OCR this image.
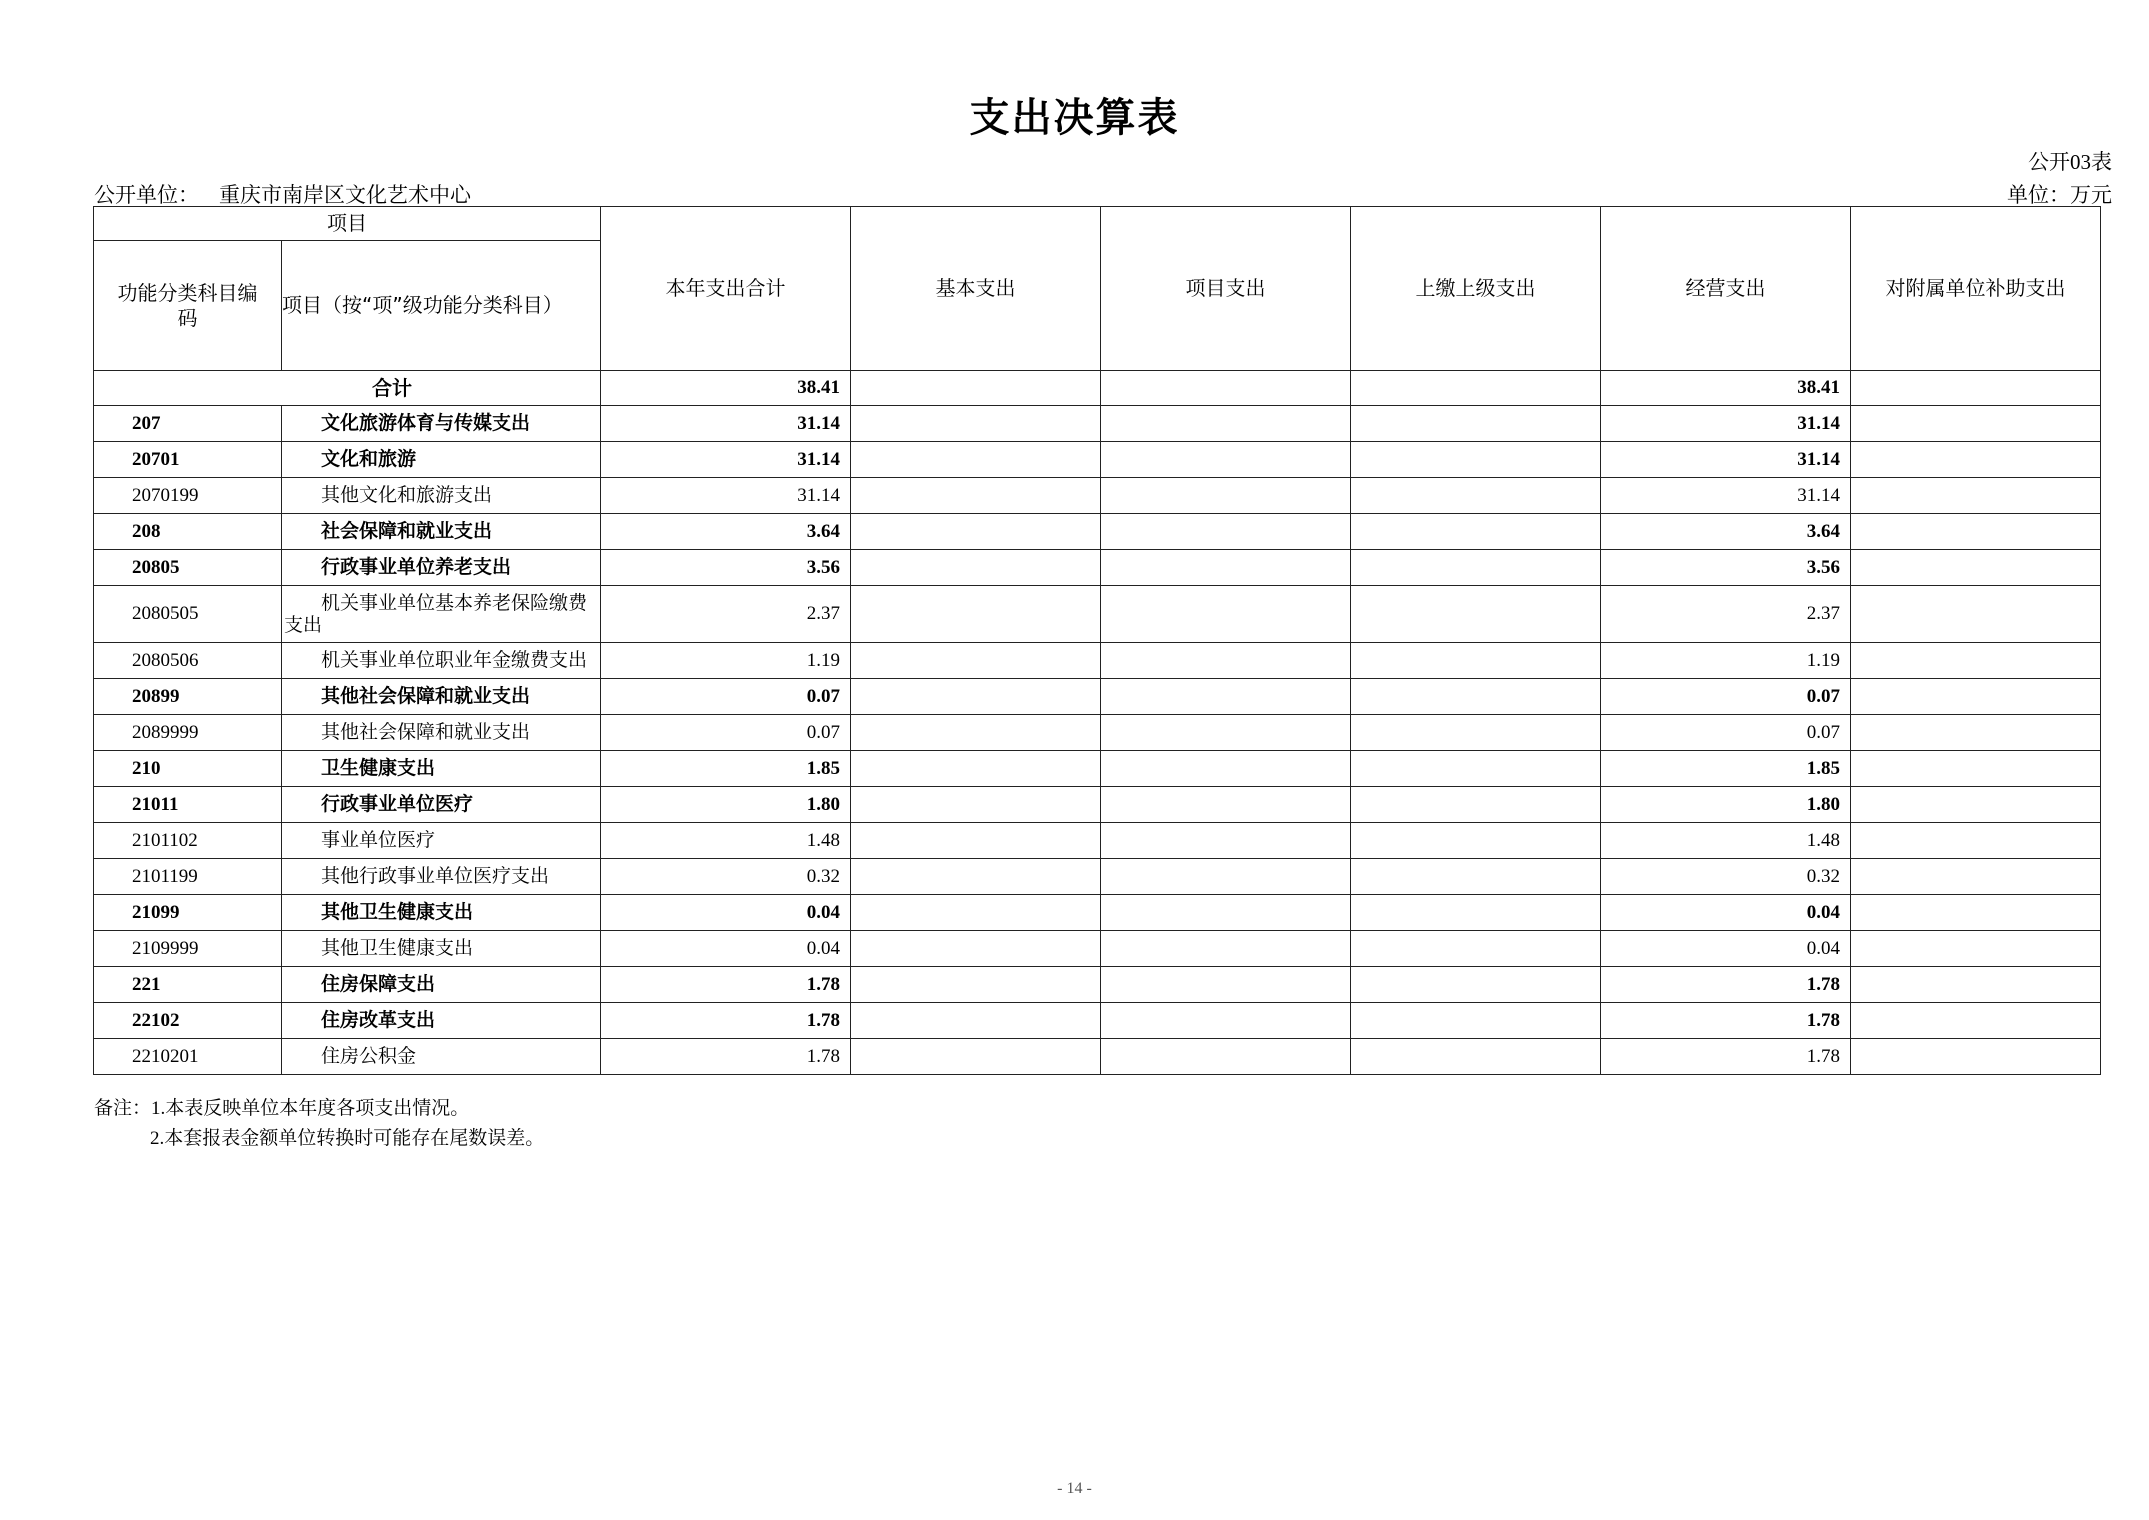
支出决算表
公开03表
公开单位： 重庆市南岸区文化艺术中心	单位：万元
项目		本年支出合计	基本支出	项目支出	上缴上级支出	经营支出	对附属单位补助支出
功能分类科目编码	项目（按“项”级功能分类科目）						
合计		38.41				38.41	
207	文化旅游体育与传媒支出	31.14				31.14	
20701	文化和旅游	31.14				31.14	
2070199	其他文化和旅游支出	31.14				31.14	
208	社会保障和就业支出	3.64				3.64	
20805	行政事业单位养老支出	3.56				3.56	
2080505	机关事业单位基本养老保险缴费支出	2.37				2.37	
2080506	机关事业单位职业年金缴费支出	1.19				1.19	
20899	其他社会保障和就业支出	0.07				0.07	
2089999	其他社会保障和就业支出	0.07				0.07	
210	卫生健康支出	1.85				1.85	
21011	行政事业单位医疗	1.80				1.80	
2101102	事业单位医疗	1.48				1.48	
2101199	其他行政事业单位医疗支出	0.32				0.32	
21099	其他卫生健康支出	0.04				0.04	
2109999	其他卫生健康支出	0.04				0.04	
221	住房保障支出	1.78				1.78	
22102	住房改革支出	1.78				1.78	
2210201	住房公积金	1.78				1.78	
备注：1.本表反映单位本年度各项支出情况。
2.本套报表金额单位转换时可能存在尾数误差。
- 14 -
